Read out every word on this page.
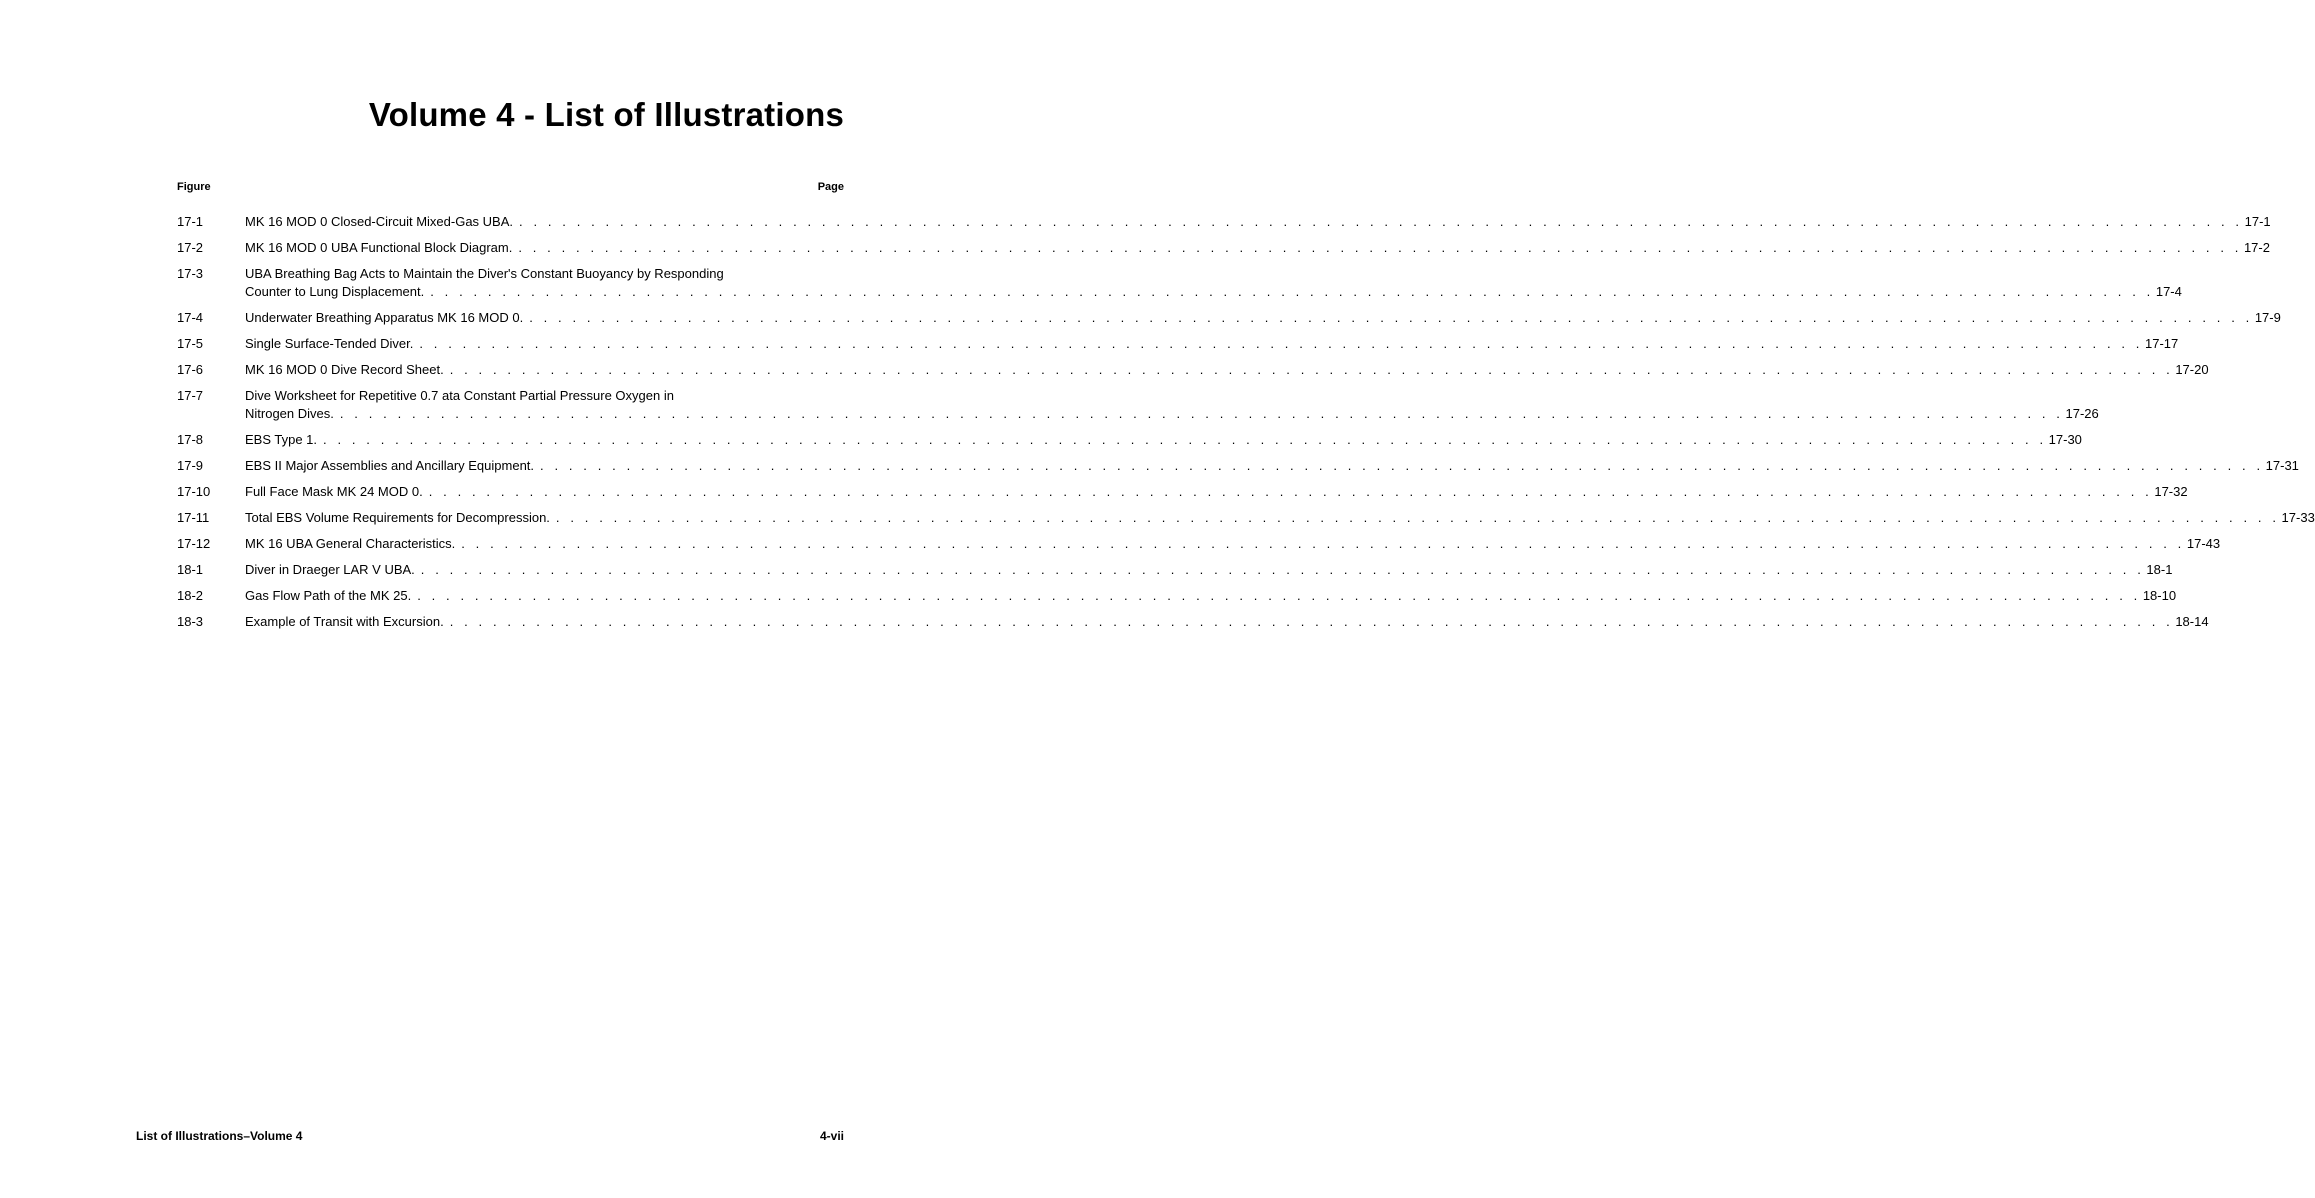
Volume 4 - List of Illustrations
Figure	Page
17-1	MK 16 MOD 0 Closed-Circuit Mixed-Gas UBA. . . . . . . . . . . . . . . . . . . . . . . . . . . . . . . . . . . . . . . . . . . . . . . . . . . . . . . . . . . . . . . . . . . . . . . . . . . . . . . . . . . . . . . . . . . . . . . . . . . . . . . . . . . . . . . . . . . . . . . . . 17-1
17-2	MK 16 MOD 0 UBA Functional Block Diagram. . . . . . . . . . . . . . . . . . . . . . . . . . . . . . . . . . . . . . . . . . . . . . . . . . . . . . . . . . . . . . . . . . . . . . . . . . . . . . . . . . . . . . . . . . . . . . . . . . . . . . . . . . . . . . . . . . . . . . . . . 17-2
17-3	UBA Breathing Bag Acts to Maintain the Diver's Constant Buoyancy by Responding
Counter to Lung Displacement. . . . . . . . . . . . . . . . . . . . . . . . . . . . . . . . . . . . . . . . . . . . . . . . . . . . . . . . . . . . . . . . . . . . . . . . . . . . . . . . . . . . . . . . . . . . . . . . . . . . . . . . . . . . . . . . . . . . . . . . . 17-4
17-4	Underwater Breathing Apparatus MK 16 MOD 0. . . . . . . . . . . . . . . . . . . . . . . . . . . . . . . . . . . . . . . . . . . . . . . . . . . . . . . . . . . . . . . . . . . . . . . . . . . . . . . . . . . . . . . . . . . . . . . . . . . . . . . . . . . . . . . . . . . . . . . . . 17-9
17-5	Single Surface-Tended Diver. . . . . . . . . . . . . . . . . . . . . . . . . . . . . . . . . . . . . . . . . . . . . . . . . . . . . . . . . . . . . . . . . . . . . . . . . . . . . . . . . . . . . . . . . . . . . . . . . . . . . . . . . . . . . . . . . . . . . . . . . 17-17
17-6	MK 16 MOD 0 Dive Record Sheet. . . . . . . . . . . . . . . . . . . . . . . . . . . . . . . . . . . . . . . . . . . . . . . . . . . . . . . . . . . . . . . . . . . . . . . . . . . . . . . . . . . . . . . . . . . . . . . . . . . . . . . . . . . . . . . . . . . . . . . . . 17-20
17-7	Dive Worksheet for Repetitive 0.7 ata Constant Partial Pressure Oxygen in
Nitrogen Dives. . . . . . . . . . . . . . . . . . . . . . . . . . . . . . . . . . . . . . . . . . . . . . . . . . . . . . . . . . . . . . . . . . . . . . . . . . . . . . . . . . . . . . . . . . . . . . . . . . . . . . . . . . . . . . . . . . . . . . . . . 17-26
17-8	EBS Type 1. . . . . . . . . . . . . . . . . . . . . . . . . . . . . . . . . . . . . . . . . . . . . . . . . . . . . . . . . . . . . . . . . . . . . . . . . . . . . . . . . . . . . . . . . . . . . . . . . . . . . . . . . . . . . . . . . . . . . . . . . 17-30
17-9	EBS II Major Assemblies and Ancillary Equipment. . . . . . . . . . . . . . . . . . . . . . . . . . . . . . . . . . . . . . . . . . . . . . . . . . . . . . . . . . . . . . . . . . . . . . . . . . . . . . . . . . . . . . . . . . . . . . . . . . . . . . . . . . . . . . . . . . . . . . . . . 17-31
17-10	Full Face Mask MK 24 MOD 0. . . . . . . . . . . . . . . . . . . . . . . . . . . . . . . . . . . . . . . . . . . . . . . . . . . . . . . . . . . . . . . . . . . . . . . . . . . . . . . . . . . . . . . . . . . . . . . . . . . . . . . . . . . . . . . . . . . . . . . . . 17-32
17-11	Total EBS Volume Requirements for Decompression. . . . . . . . . . . . . . . . . . . . . . . . . . . . . . . . . . . . . . . . . . . . . . . . . . . . . . . . . . . . . . . . . . . . . . . . . . . . . . . . . . . . . . . . . . . . . . . . . . . . . . . . . . . . . . . . . . . . . . . . . 17-33
17-12	MK 16 UBA General Characteristics. . . . . . . . . . . . . . . . . . . . . . . . . . . . . . . . . . . . . . . . . . . . . . . . . . . . . . . . . . . . . . . . . . . . . . . . . . . . . . . . . . . . . . . . . . . . . . . . . . . . . . . . . . . . . . . . . . . . . . . . . 17-43
18-1	Diver in Draeger LAR V UBA. . . . . . . . . . . . . . . . . . . . . . . . . . . . . . . . . . . . . . . . . . . . . . . . . . . . . . . . . . . . . . . . . . . . . . . . . . . . . . . . . . . . . . . . . . . . . . . . . . . . . . . . . . . . . . . . . . . . . . . . . 18-1
18-2	Gas Flow Path of the MK 25. . . . . . . . . . . . . . . . . . . . . . . . . . . . . . . . . . . . . . . . . . . . . . . . . . . . . . . . . . . . . . . . . . . . . . . . . . . . . . . . . . . . . . . . . . . . . . . . . . . . . . . . . . . . . . . . . . . . . . . . . 18-10
18-3	Example of Transit with Excursion. . . . . . . . . . . . . . . . . . . . . . . . . . . . . . . . . . . . . . . . . . . . . . . . . . . . . . . . . . . . . . . . . . . . . . . . . . . . . . . . . . . . . . . . . . . . . . . . . . . . . . . . . . . . . . . . . . . . . . . . . 18-14
List of Illustrations–Volume 4	4-vii
